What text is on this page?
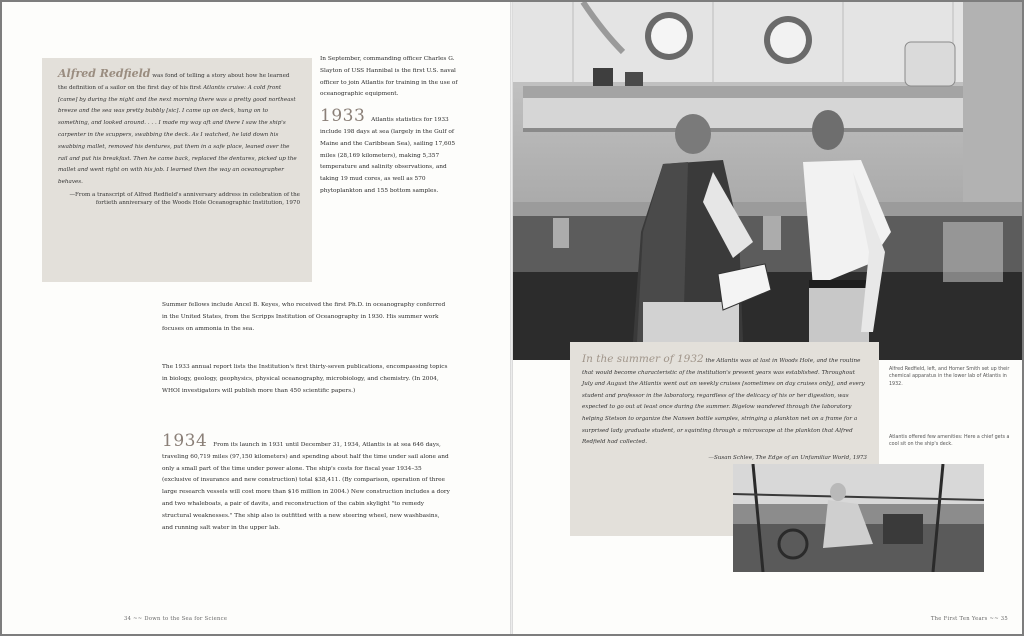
Alfred Redfield was fond of telling a story about how he learned the definition of a sailor on the first day of his first Atlantis cruise: A cold front [came] by during the night and the next morning there was a pretty good northeast breeze and the sea was pretty bubbly [sic]. I came up on deck, hung on to something, and looked around. . . . I made my way aft and there I saw the ship's carpenter in the scuppers, swabbing the deck. As I watched, he laid down his swabbing mallet, removed his dentures, put them in a safe place, leaned over the rail and put his breakfast. Then he came back, replaced the dentures, picked up the mallet and went right on with his job. I learned then the way an oceanographer behaves.
—From a transcript of Alfred Redfield's anniversary address in celebration of the fortieth anniversary of the Woods Hole Oceanographic Institution, 1970

In September, commanding officer Charles G. Slayton of USS Hannibal is the first U.S. naval officer to join Atlantis for training in the use of oceanographic equipment.

1933 Atlantis statistics for 1933 include 198 days at sea (largely in the Gulf of Maine and the Caribbean Sea), sailing 17,605 miles (28,169 kilometers), making 5,357 temperature and salinity observations, and taking 19 mud cores, as well as 570 phytoplankton and 155 bottom samples.

Summer fellows include Ancel B. Keyes, who received the first Ph.D. in oceanography conferred in the United States, from the Scripps Institution of Oceanography in 1930. His summer work focuses on ammonia in the sea.

The 1933 annual report lists the Institution's first thirty-seven publications, encompassing topics in biology, geology, geophysics, physical oceanography, microbiology, and chemistry. (In 2004, WHOI investigators will publish more than 450 scientific papers.)

1934 From its launch in 1931 until December 31, 1934, Atlantis is at sea 646 days, traveling 60,719 miles (97,150 kilometers) and spending about half the time under sail alone and only a small part of the time under power alone. The ship's costs for fiscal year 1934–35 (exclusive of insurance and new construction) total $38,411. (By comparison, operation of three large research vessels will cost more than $16 million in 2004.) New construction includes a dory and two whaleboats, a pair of davits, and reconstruction of the cabin skylight "to remedy structural weaknesses." The ship also is outfitted with a new steering wheel, new washbasins, and running salt water in the upper lab.
34 ~~ Down to the Sea for Science
In the summer of 1932 the Atlantis was at last in Woods Hole, and the routine that would become characteristic of the institution's present years was established. Throughout July and August the Atlantis went out on weekly cruises [sometimes on day cruises only], and every student and professor in the laboratory, regardless of the delicacy of his or her digestion, was expected to go out at least once during the summer. Bigelow wandered through the laboratory helping Stetson to organize the Nansen bottle samples, stringing a plankton net on a frame for a surprised lady graduate student, or squinting through a microscope at the plankton that Alfred Redfield had collected.
—Susan Schlee, The Edge of an Unfamiliar World, 1973
Alfred Redfield, left, and Homer Smith set up their chemical apparatus in the lower lab of Atlantis in 1932.
Atlantis offered few amenities: Here a chief gets a cool sit on the ship's deck.
The First Ten Years ~~ 35
